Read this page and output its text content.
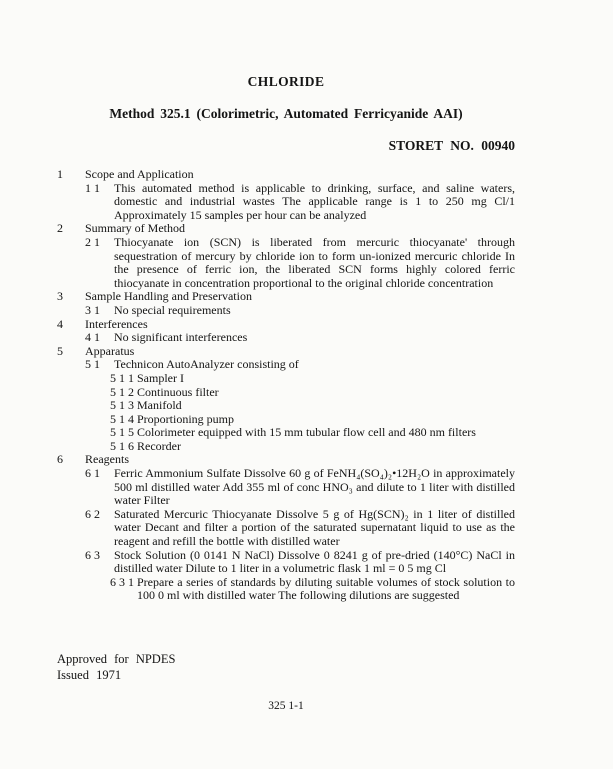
CHLORIDE
Method 325.1 (Colorimetric, Automated Ferricyanide AAI)
STORET NO. 00940
1	Scope and Application
1 1	This automated method is applicable to drinking, surface, and saline waters, domestic and industrial wastes The applicable range is 1 to 250 mg Cl/1 Approximately 15 samples per hour can be analyzed
2	Summary of Method
2 1	Thiocyanate ion (SCN) is liberated from mercuric thiocyanate' through sequestration of mercury by chloride ion to form un-ionized mercuric chloride In the presence of ferric ion, the liberated SCN forms highly colored ferric thiocyanate in concentration proportional to the original chloride concentration
3	Sample Handling and Preservation
3 1	No special requirements
4	Interferences
4 1	No significant interferences
5	Apparatus
5 1	Technicon AutoAnalyzer consisting of
5 1 1 Sampler I
5 1 2 Continuous filter
5 1 3 Manifold
5 1 4 Proportioning pump
5 1 5 Colorimeter equipped with 15 mm tubular flow cell and 480 nm filters
5 1 6 Recorder
6	Reagents
6 1	Ferric Ammonium Sulfate Dissolve 60 g of FeNH₄(SO₄)₂•12H₂O in approximately 500 ml distilled water Add 355 ml of conc HNO₃ and dilute to 1 liter with distilled water Filter
6 2	Saturated Mercuric Thiocyanate Dissolve 5 g of Hg(SCN)₂ in 1 liter of distilled water Decant and filter a portion of the saturated supernatant liquid to use as the reagent and refill the bottle with distilled water
6 3	Stock Solution (0 0141 N NaCl) Dissolve 0 8241 g of pre-dried (140°C) NaCl in distilled water Dilute to 1 liter in a volumetric flask 1 ml = 0 5 mg Cl
6 3 1 Prepare a series of standards by diluting suitable volumes of stock solution to 100 0 ml with distilled water The following dilutions are suggested
Approved for NPDES
Issued 1971
325 1-1
